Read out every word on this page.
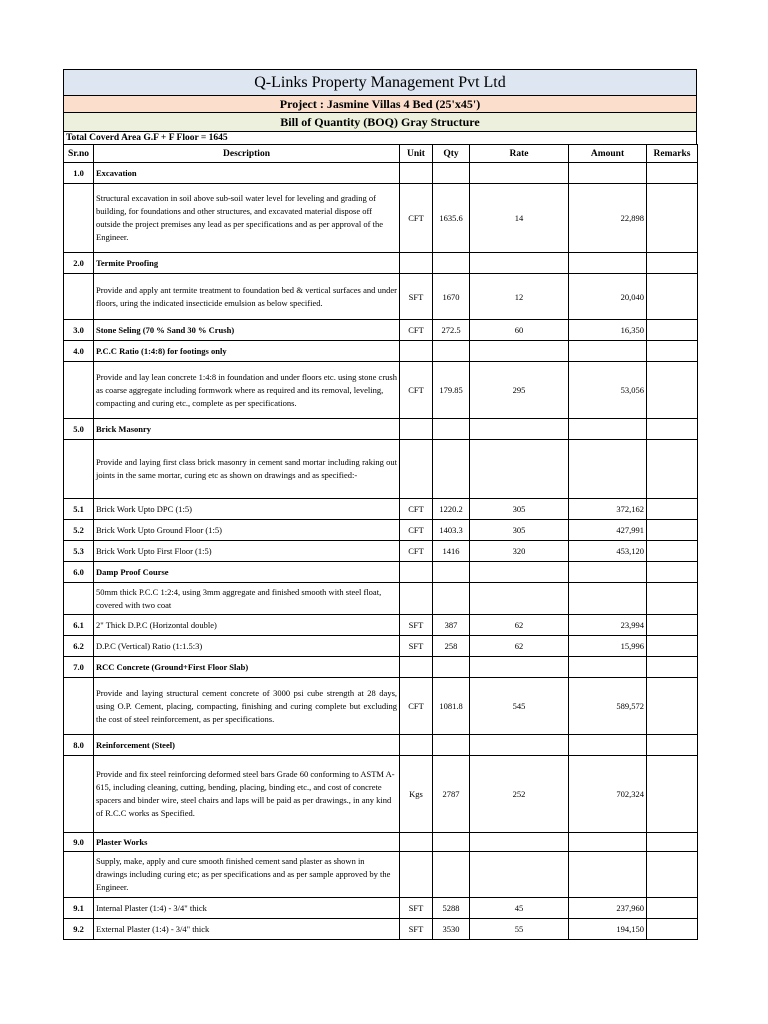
Q-Links Property Management Pvt Ltd
Project : Jasmine Villas 4 Bed (25'x45')
Bill of Quantity (BOQ) Gray Structure
Total Coverd Area G.F + F Floor = 1645
Sr.no	Description	Unit	Qty	Rate	Amount	Remarks
1.0	Excavation					
	Structural excavation in soil above sub-soil water level for leveling and grading of building, for foundations and other structures, and excavated material dispose off outside the project premises any lead as per specifications and as per approval of the Engineer.	CFT	1635.6	14	22,898	
2.0	Termite Proofing					
	Provide and apply ant termite treatment to foundation bed & vertical surfaces and under floors, uring the indicated insecticide emulsion as below specified.	SFT	1670	12	20,040	
3.0	Stone Seling (70 % Sand 30 % Crush)	CFT	272.5	60	16,350	
4.0	P.C.C Ratio (1:4:8) for footings only					
	Provide and lay lean concrete 1:4:8 in foundation and under floors etc. using stone crush as coarse aggregate including formwork where as required and its removal, leveling, compacting and curing etc., complete as per specifications.	CFT	179.85	295	53,056	
5.0	Brick Masonry					
	Provide and laying first class brick masonry in cement sand mortar including raking out joints in the same mortar, curing etc as shown on drawings and as specified:-					
5.1	Brick Work Upto DPC (1:5)	CFT	1220.2	305	372,162	
5.2	Brick Work Upto Ground Floor (1:5)	CFT	1403.3	305	427,991	
5.3	Brick Work Upto First Floor (1:5)	CFT	1416	320	453,120	
6.0	Damp Proof Course					
	50mm thick P.C.C 1:2:4, using 3mm aggregate and finished smooth with steel float, covered with two coat					
6.1	2" Thick D.P.C (Horizontal double)	SFT	387	62	23,994	
6.2	D.P.C (Vertical) Ratio (1:1.5:3)	SFT	258	62	15,996	
7.0	RCC Concrete (Ground+First Floor Slab)					
	Provide and laying structural cement concrete of 3000 psi cube strength at 28 days, using O.P. Cement, placing, compacting, finishing and curing complete but excluding the cost of steel reinforcement, as per specifications.	CFT	1081.8	545	589,572	
8.0	Reinforcement (Steel)					
	Provide and fix steel reinforcing deformed steel bars Grade 60 conforming to ASTM A-615, including cleaning, cutting, bending, placing, binding etc., and cost of concrete spacers and binder wire, steel chairs and laps will be paid as per drawings., in any kind of R.C.C works as Specified.	Kgs	2787	252	702,324	
9.0	Plaster Works					
	Supply, make, apply and cure smooth finished cement sand plaster as shown in drawings including curing etc; as per specifications and as per sample approved by the Engineer.					
9.1	Internal Plaster (1:4) - 3/4" thick	SFT	5288	45	237,960	
9.2	External Plaster (1:4) - 3/4" thick	SFT	3530	55	194,150	
